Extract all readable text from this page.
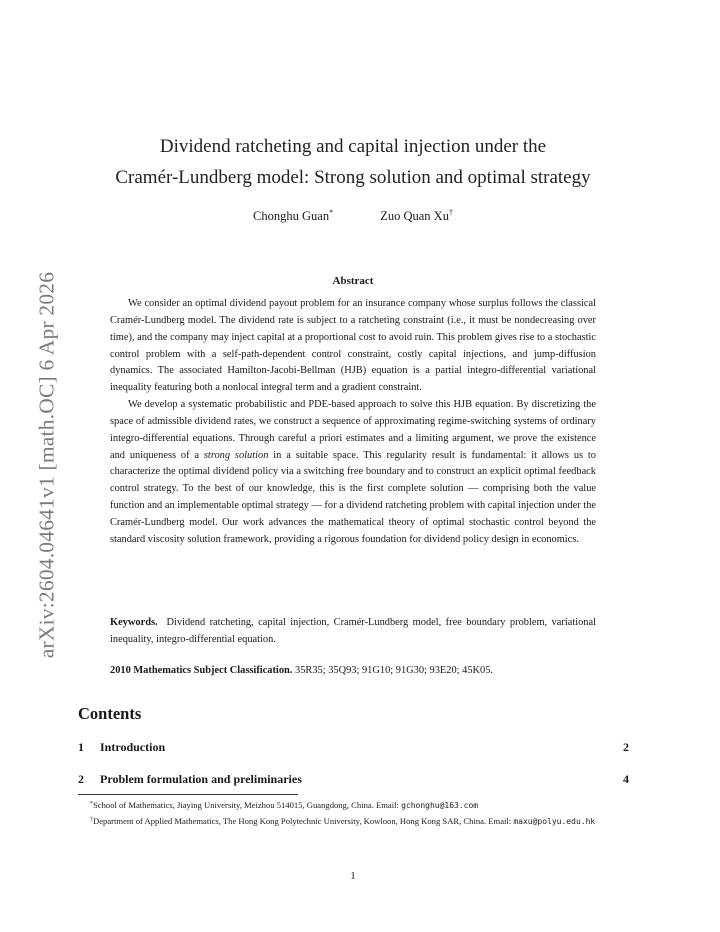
arXiv:2604.04641v1 [math.OC] 6 Apr 2026
Dividend ratcheting and capital injection under the
Cramér-Lundberg model: Strong solution and optimal strategy
Chonghu Guan*	Zuo Quan Xu†
Abstract

We consider an optimal dividend payout problem for an insurance company whose surplus follows the classical Cramér-Lundberg model. The dividend rate is subject to a ratcheting constraint (i.e., it must be nondecreasing over time), and the company may inject capital at a proportional cost to avoid ruin. This problem gives rise to a stochastic control problem with a self-path-dependent control constraint, costly capital injections, and jump-diffusion dynamics. The associated Hamilton-Jacobi-Bellman (HJB) equation is a partial integro-differential variational inequality featuring both a nonlocal integral term and a gradient constraint.

We develop a systematic probabilistic and PDE-based approach to solve this HJB equation. By discretizing the space of admissible dividend rates, we construct a sequence of approximating regime-switching systems of ordinary integro-differential equations. Through careful a priori estimates and a limiting argument, we prove the existence and uniqueness of a strong solution in a suitable space. This regularity result is fundamental: it allows us to characterize the optimal dividend policy via a switching free boundary and to construct an explicit optimal feedback control strategy. To the best of our knowledge, this is the first complete solution — comprising both the value function and an implementable optimal strategy — for a dividend ratcheting problem with capital injection under the Cramér-Lundberg model. Our work advances the mathematical theory of optimal stochastic control beyond the standard viscosity solution framework, providing a rigorous foundation for dividend policy design in economics.

Keywords. Dividend ratcheting, capital injection, Cramér-Lundberg model, free boundary problem, variational inequality, integro-differential equation.
2010 Mathematics Subject Classification. 35R35; 35Q93; 91G10; 91G30; 93E20; 45K05.
Contents
1 Introduction	2
2 Problem formulation and preliminaries	4
*School of Mathematics, Jiaying University, Meizhou 514015, Guangdong, China. Email: gchonghu@163.com
†Department of Applied Mathematics, The Hong Kong Polytechnic University, Kowloon, Hong Kong SAR, China. Email: maxu@polyu.edu.hk
1
